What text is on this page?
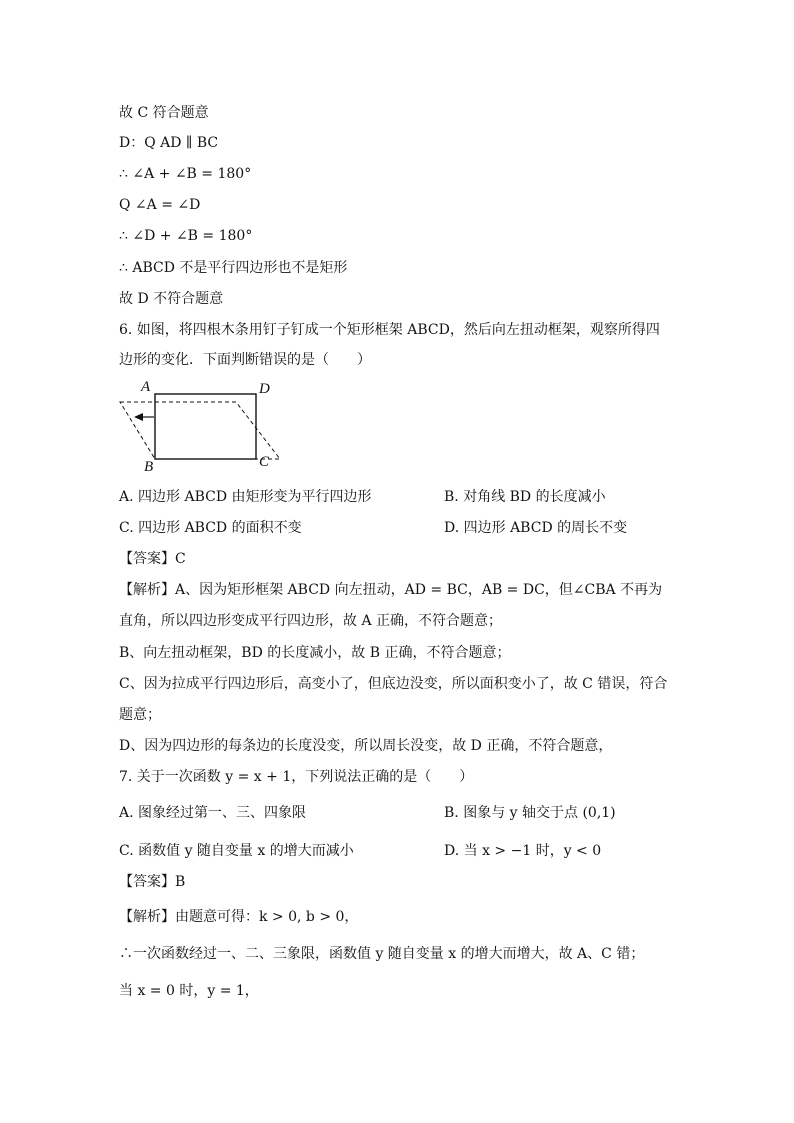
故 C 符合题意
D：Q AD ∥ BC
∴ ∠A + ∠B = 180°
Q ∠A = ∠D
∴ ∠D + ∠B = 180°
∴ ABCD 不是平行四边形也不是矩形
故 D 不符合题意
6. 如图，将四根木条用钉子钉成一个矩形框架 ABCD，然后向左扭动框架，观察所得四
边形的变化．下面判断错误的是（　　）
A	D
B	C
A. 四边形 ABCD 由矩形变为平行四边形	B. 对角线 BD 的长度减小
C. 四边形 ABCD 的面积不变	D. 四边形 ABCD 的周长不变
【答案】C
【解析】A、因为矩形框架 ABCD 向左扭动，AD = BC，AB = DC，但∠CBA 不再为
直角，所以四边形变成平行四边形，故 A 正确，不符合题意；
B、向左扭动框架，BD 的长度减小，故 B 正确，不符合题意；
C、因为拉成平行四边形后，高变小了，但底边没变，所以面积变小了，故 C 错误，符合
题意；
D、因为四边形的每条边的长度没变，所以周长没变，故 D 正确，不符合题意，
7. 关于一次函数 y = x + 1，下列说法正确的是（　　）
A. 图象经过第一、三、四象限	B. 图象与 y 轴交于点 (0,1)
C. 函数值 y 随自变量 x 的增大而减小	D. 当 x > −1 时，y < 0
【答案】B
【解析】由题意可得：k > 0, b > 0，
∴一次函数经过一、二、三象限，函数值 y 随自变量 x 的增大而增大，故 A、C 错；
当 x = 0 时，y = 1，
